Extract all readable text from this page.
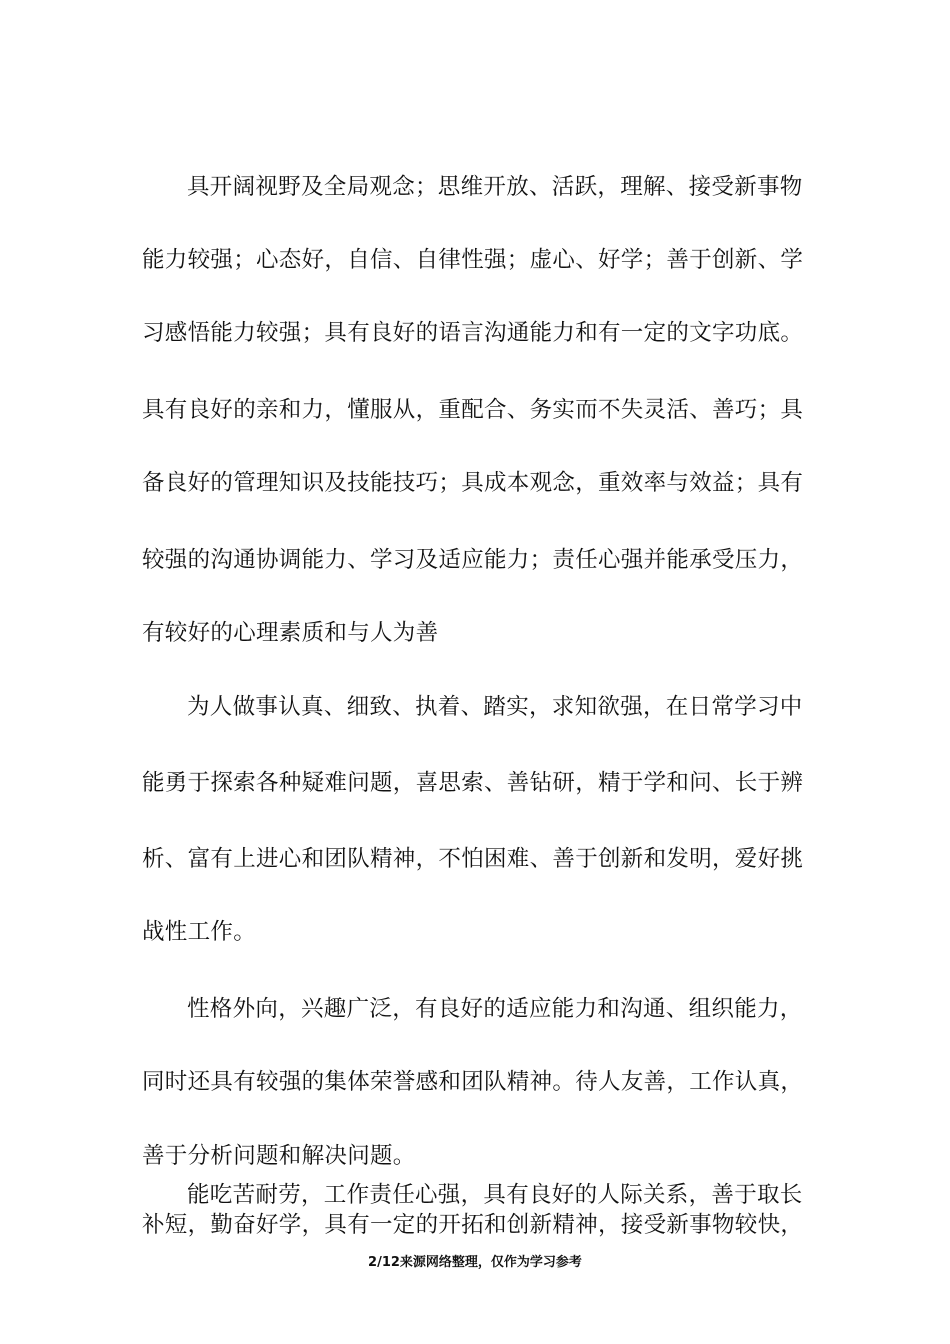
具开阔视野及全局观念；思维开放、活跃，理解、接受新事物
能力较强；心态好，自信、自律性强；虚心、好学；善于创新、学
习感悟能力较强；具有良好的语言沟通能力和有一定的文字功底。
具有良好的亲和力，懂服从，重配合、务实而不失灵活、善巧；具
备良好的管理知识及技能技巧；具成本观念，重效率与效益；具有
较强的沟通协调能力、学习及适应能力；责任心强并能承受压力，
有较好的心理素质和与人为善
为人做事认真、细致、执着、踏实，求知欲强，在日常学习中
能勇于探索各种疑难问题，喜思索、善钻研，精于学和问、长于辨
析、富有上进心和团队精神，不怕困难、善于创新和发明，爱好挑
战性工作。
性格外向，兴趣广泛，有良好的适应能力和沟通、组织能力，
同时还具有较强的集体荣誉感和团队精神。待人友善，工作认真，
善于分析问题和解决问题。
能吃苦耐劳，工作责任心强，具有良好的人际关系，善于取长
补短，勤奋好学，具有一定的开拓和创新精神，接受新事物较快，
2/12来源网络整理，仅作为学习参考
